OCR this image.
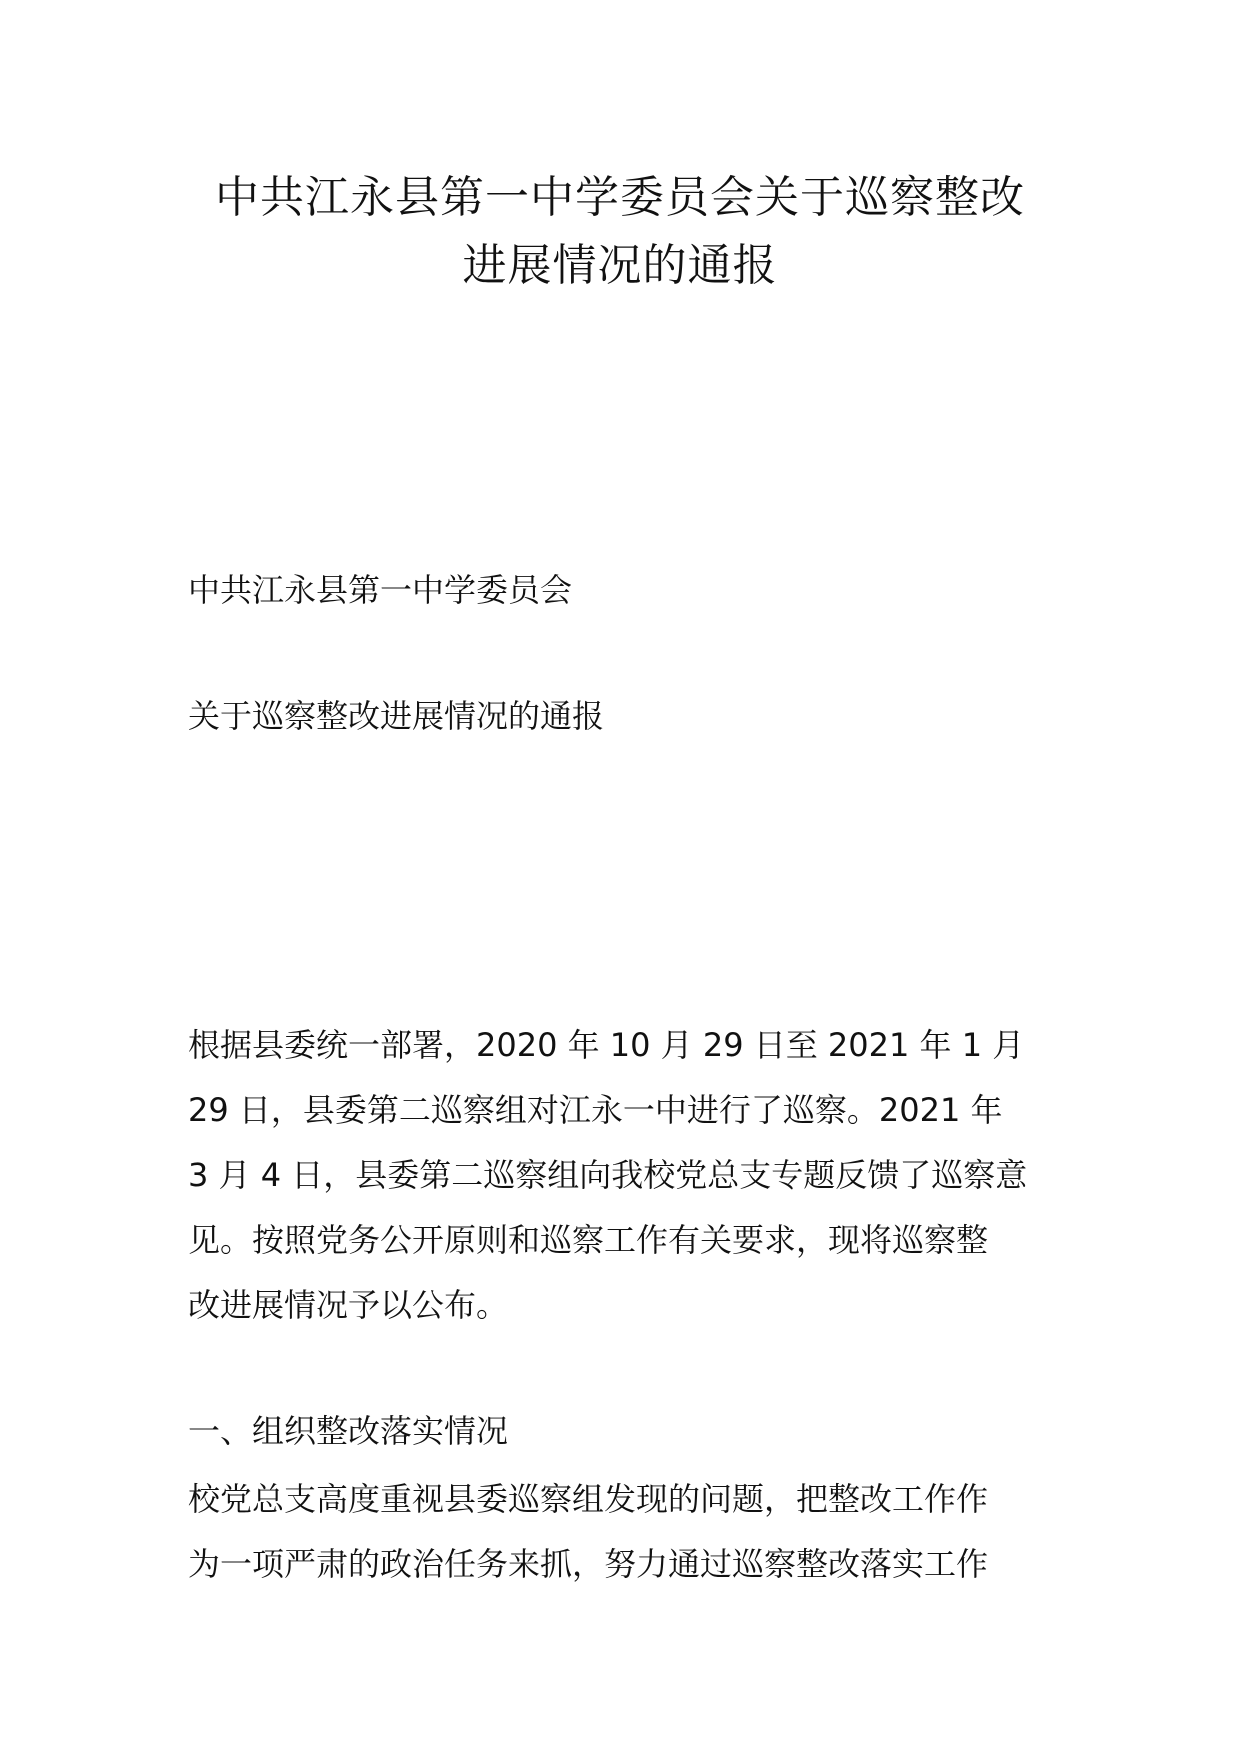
中共江永县第一中学委员会关于巡察整改
进展情况的通报

中共江永县第一中学委员会

关于巡察整改进展情况的通报

根据县委统一部署，2020 年 10 月 29 日至 2021 年 1 月
29 日，县委第二巡察组对江永一中进行了巡察。2021 年
3 月 4 日，县委第二巡察组向我校党总支专题反馈了巡察意
见。按照党务公开原则和巡察工作有关要求，现将巡察整
改进展情况予以公布。

一、组织整改落实情况

校党总支高度重视县委巡察组发现的问题，把整改工作作
为一项严肃的政治任务来抓，努力通过巡察整改落实工作
